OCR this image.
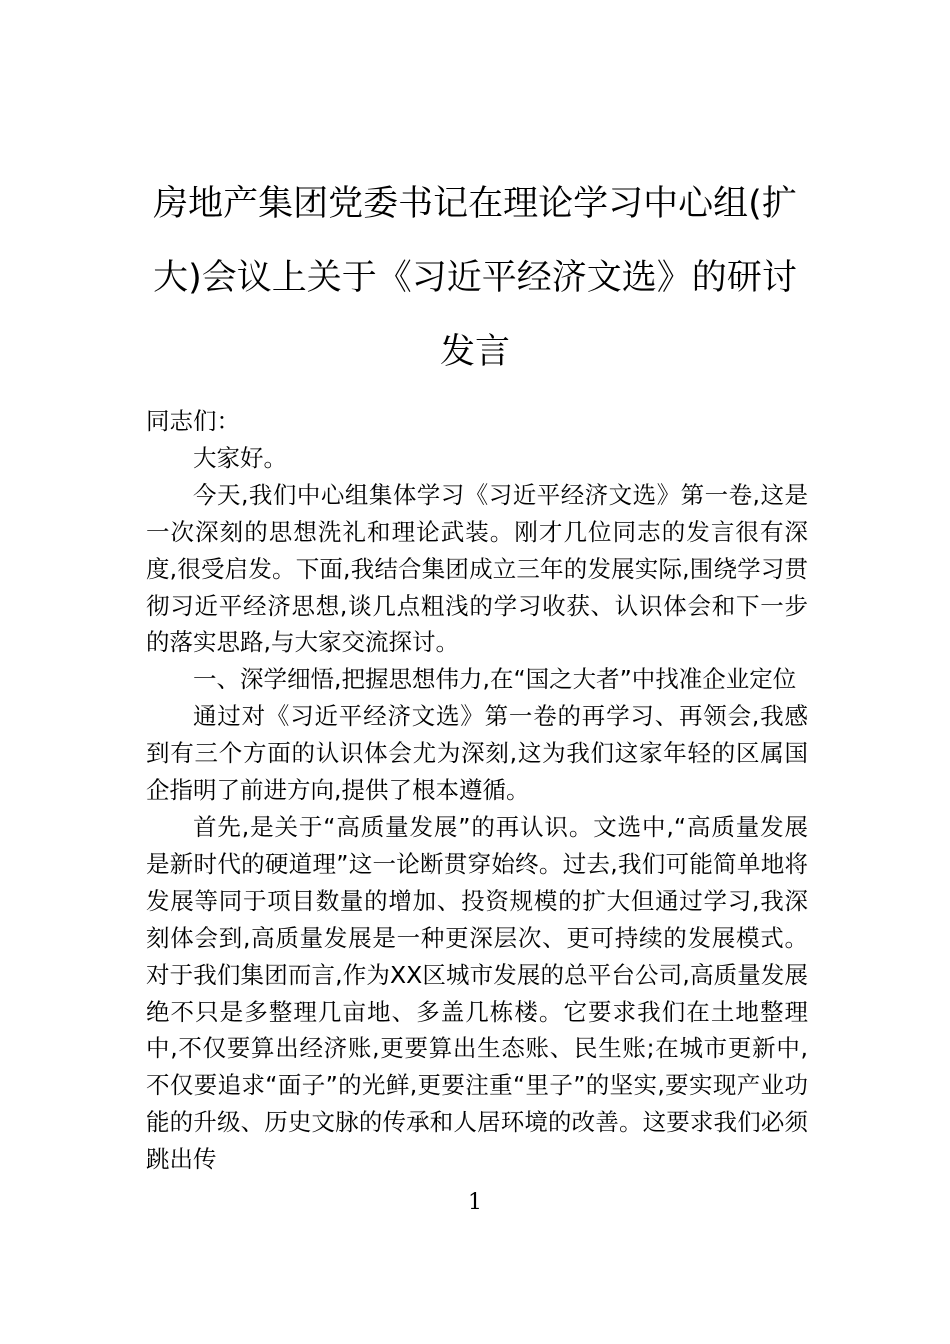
房地产集团党委书记在理论学习中心组(扩
大)会议上关于《习近平经济文选》的研讨
发言

同志们：

大家好。

今天,我们中心组集体学习《习近平经济文选》第一卷,这是一次深刻的思想洗礼和理论武装。刚才几位同志的发言很有深度,很受启发。下面,我结合集团成立三年的发展实际,围绕学习贯彻习近平经济思想,谈几点粗浅的学习收获、认识体会和下一步的落实思路,与大家交流探讨。

一、深学细悟,把握思想伟力,在“国之大者”中找准企业定位

通过对《习近平经济文选》第一卷的再学习、再领会,我感到有三个方面的认识体会尤为深刻,这为我们这家年轻的区属国企指明了前进方向,提供了根本遵循。

首先,是关于“高质量发展”的再认识。文选中,“高质量发展是新时代的硬道理”这一论断贯穿始终。过去,我们可能简单地将发展等同于项目数量的增加、投资规模的扩大但通过学习,我深刻体会到,高质量发展是一种更深层次、更可持续的发展模式。对于我们集团而言,作为XX区城市发展的总平台公司,高质量发展绝不只是多整理几亩地、多盖几栋楼。它要求我们在土地整理中,不仅要算出经济账,更要算出生态账、民生账;在城市更新中,不仅要追求“面子”的光鲜,更要注重“里子”的坚实,要实现产业功能的升级、历史文脉的传承和人居环境的改善。这要求我们必须跳出传

1
